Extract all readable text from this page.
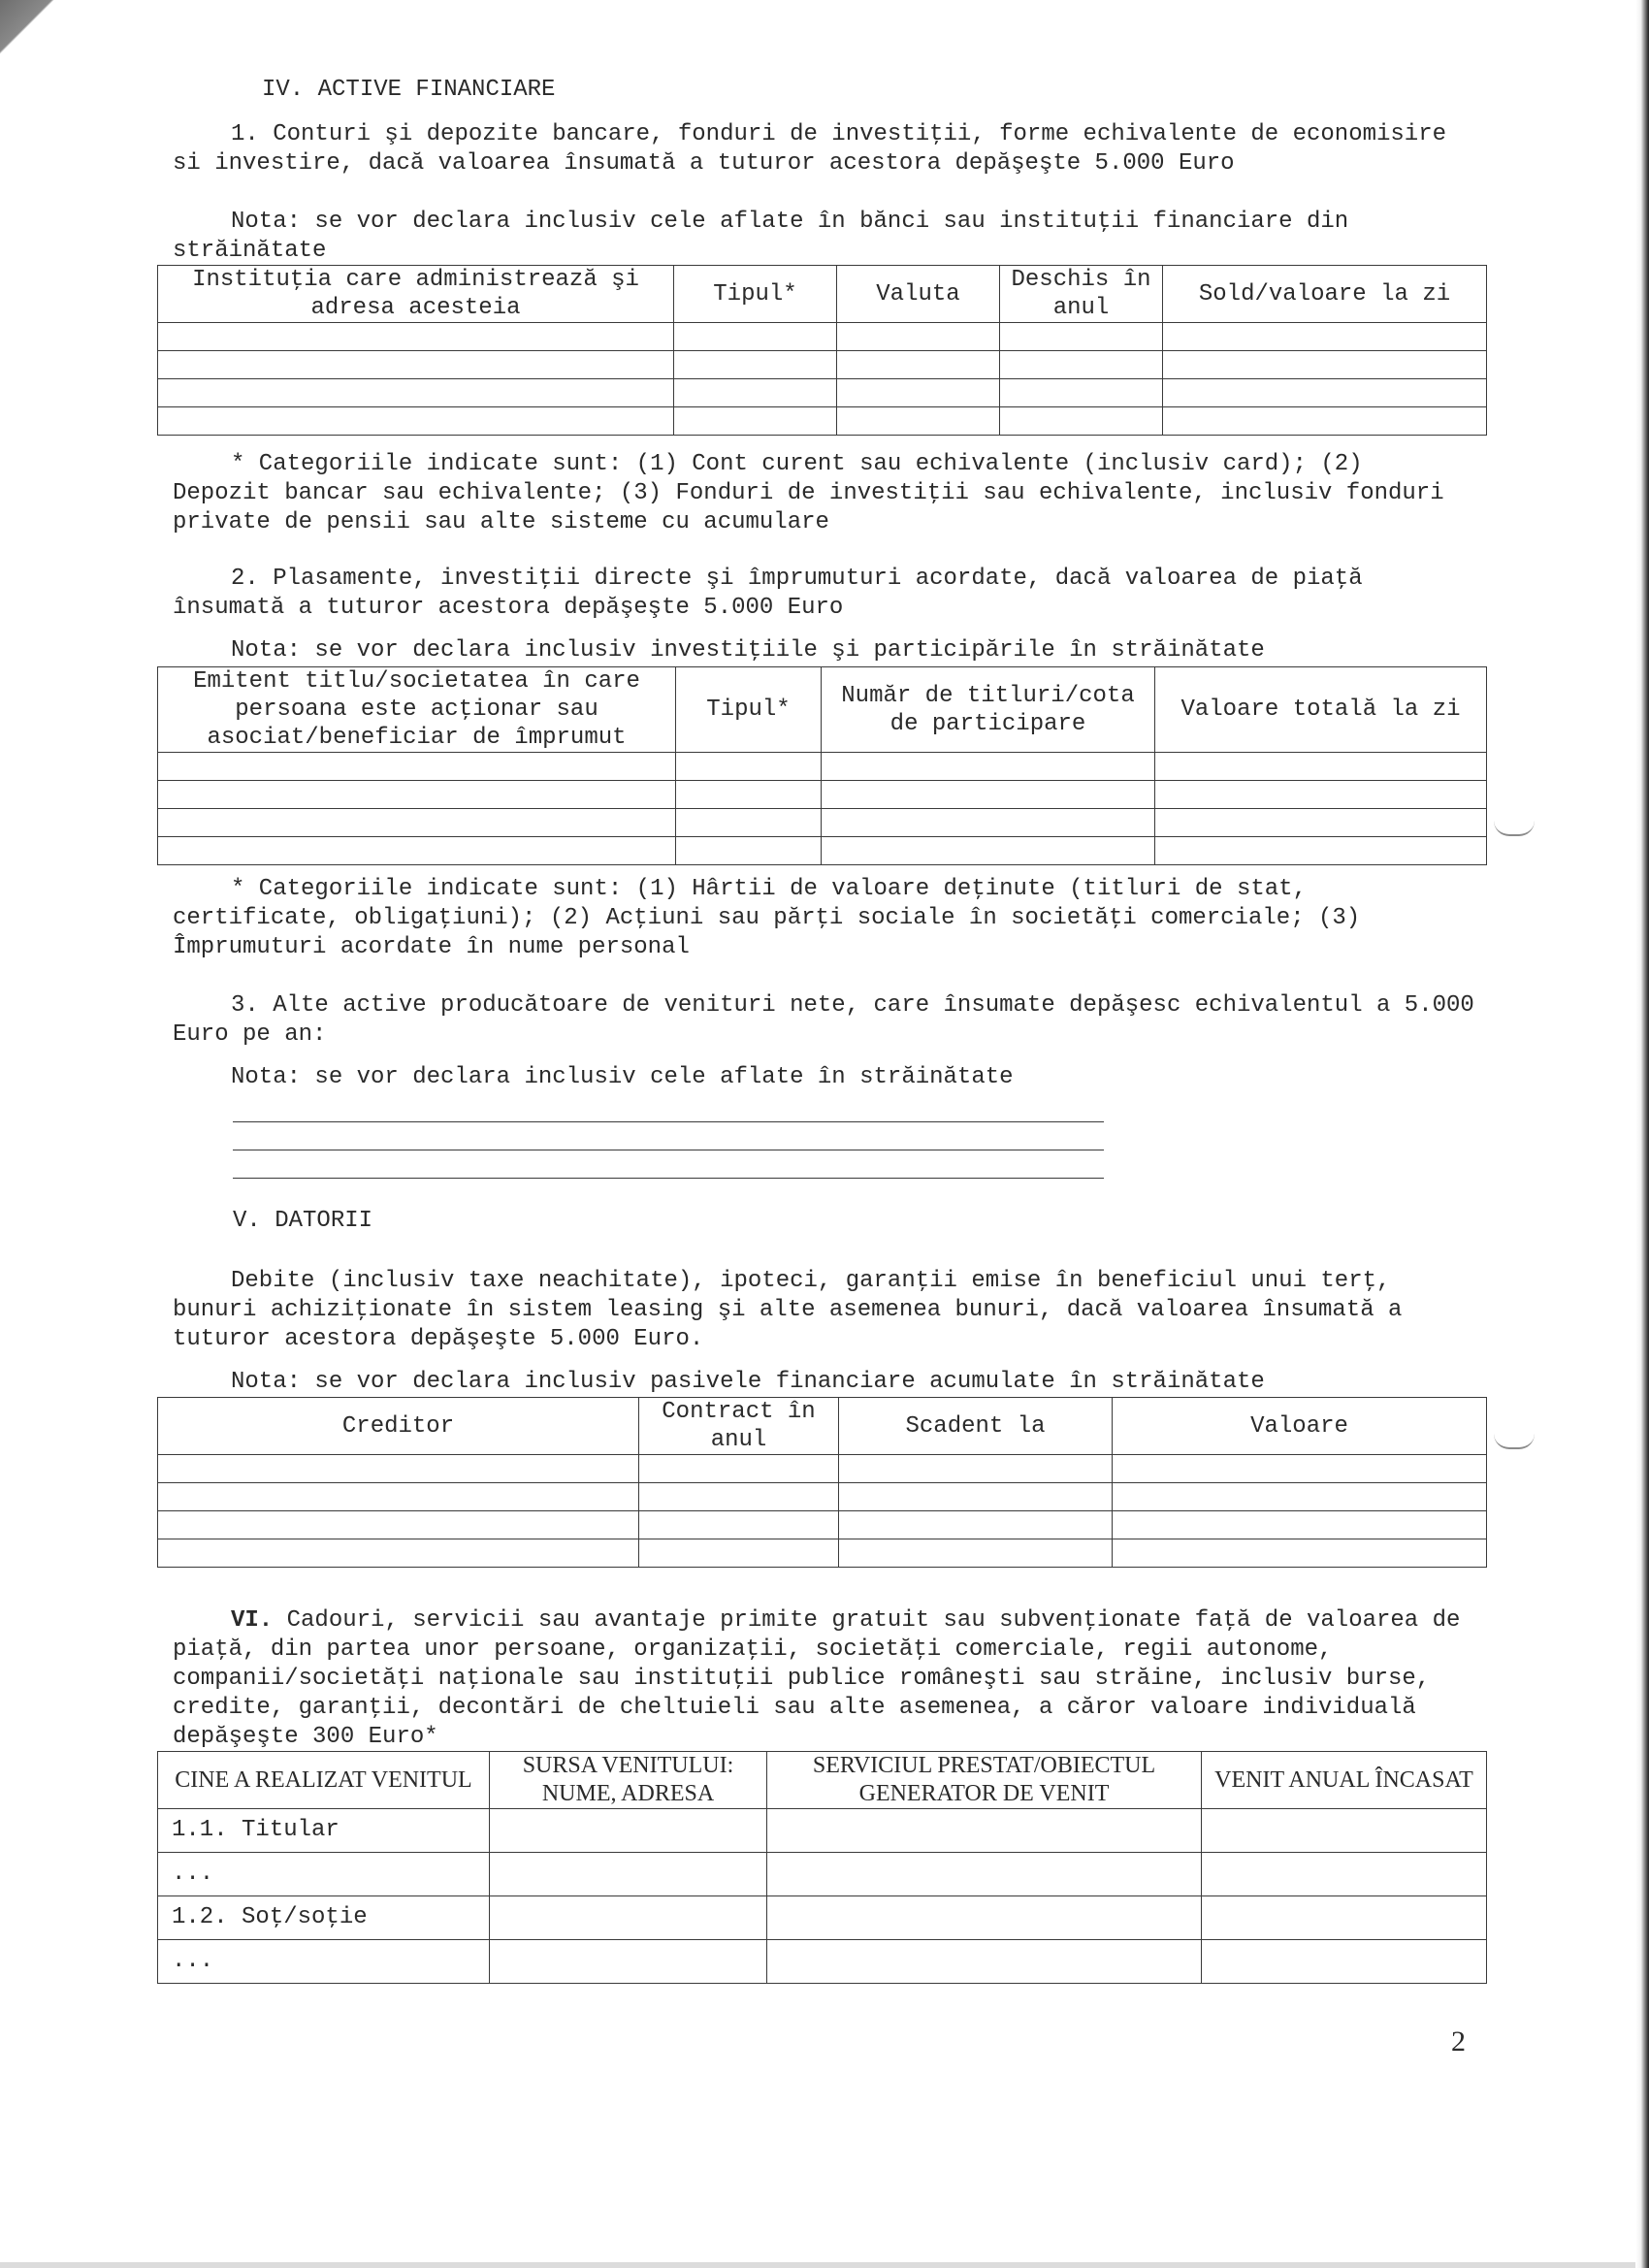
IV. ACTIVE FINANCIARE

1. Conturi şi depozite bancare, fonduri de investiţii, forme echivalente de economisire si investire, dacă valoarea însumată a tuturor acestora depăşeşte 5.000 Euro

Nota: se vor declara inclusiv cele aflate în bănci sau instituţii financiare din străinătate

Instituţia care administrează şi adresa acesteia	Tipul*	Valuta	Deschis în anul	Sold/valoare la zi

* Categoriile indicate sunt: (1) Cont curent sau echivalente (inclusiv card); (2) Depozit bancar sau echivalente; (3) Fonduri de investiţii sau echivalente, inclusiv fonduri private de pensii sau alte sisteme cu acumulare

2. Plasamente, investiţii directe şi împrumuturi acordate, dacă valoarea de piaţă însumată a tuturor acestora depăşeşte 5.000 Euro

Nota: se vor declara inclusiv investiţiile şi participările în străinătate

Emitent titlu/societatea în care persoana este acţionar sau asociat/beneficiar de împrumut	Tipul*	Număr de titluri/cota de participare	Valoare totală la zi

* Categoriile indicate sunt: (1) Hârtii de valoare deţinute (titluri de stat, certificate, obligaţiuni); (2) Acţiuni sau părţi sociale în societăţi comerciale; (3) Împrumuturi acordate în nume personal

3. Alte active producătoare de venituri nete, care însumate depăşesc echivalentul a 5.000 Euro pe an:

Nota: se vor declara inclusiv cele aflate în străinătate

V. DATORII

Debite (inclusiv taxe neachitate), ipoteci, garanţii emise în beneficiul unui terţ, bunuri achiziţionate în sistem leasing şi alte asemenea bunuri, dacă valoarea însumată a tuturor acestora depăşeşte 5.000 Euro.

Nota: se vor declara inclusiv pasivele financiare acumulate în străinătate

Creditor	Contract în anul	Scadent la	Valoare

VI. Cadouri, servicii sau avantaje primite gratuit sau subvenţionate faţă de valoarea de piaţă, din partea unor persoane, organizaţii, societăţi comerciale, regii autonome, companii/societăţi naţionale sau instituţii publice româneşti sau străine, inclusiv burse, credite, garanţii, decontări de cheltuieli sau alte asemenea, a căror valoare individuală depăşeşte 300 Euro*

CINE A REALIZAT VENITUL	SURSA VENITULUI: NUME, ADRESA	SERVICIUL PRESTAT/OBIECTUL GENERATOR DE VENIT	VENIT ANUAL ÎNCASAT
1.1. Titular			
...			
1.2. Soţ/soţie			
...			
2
